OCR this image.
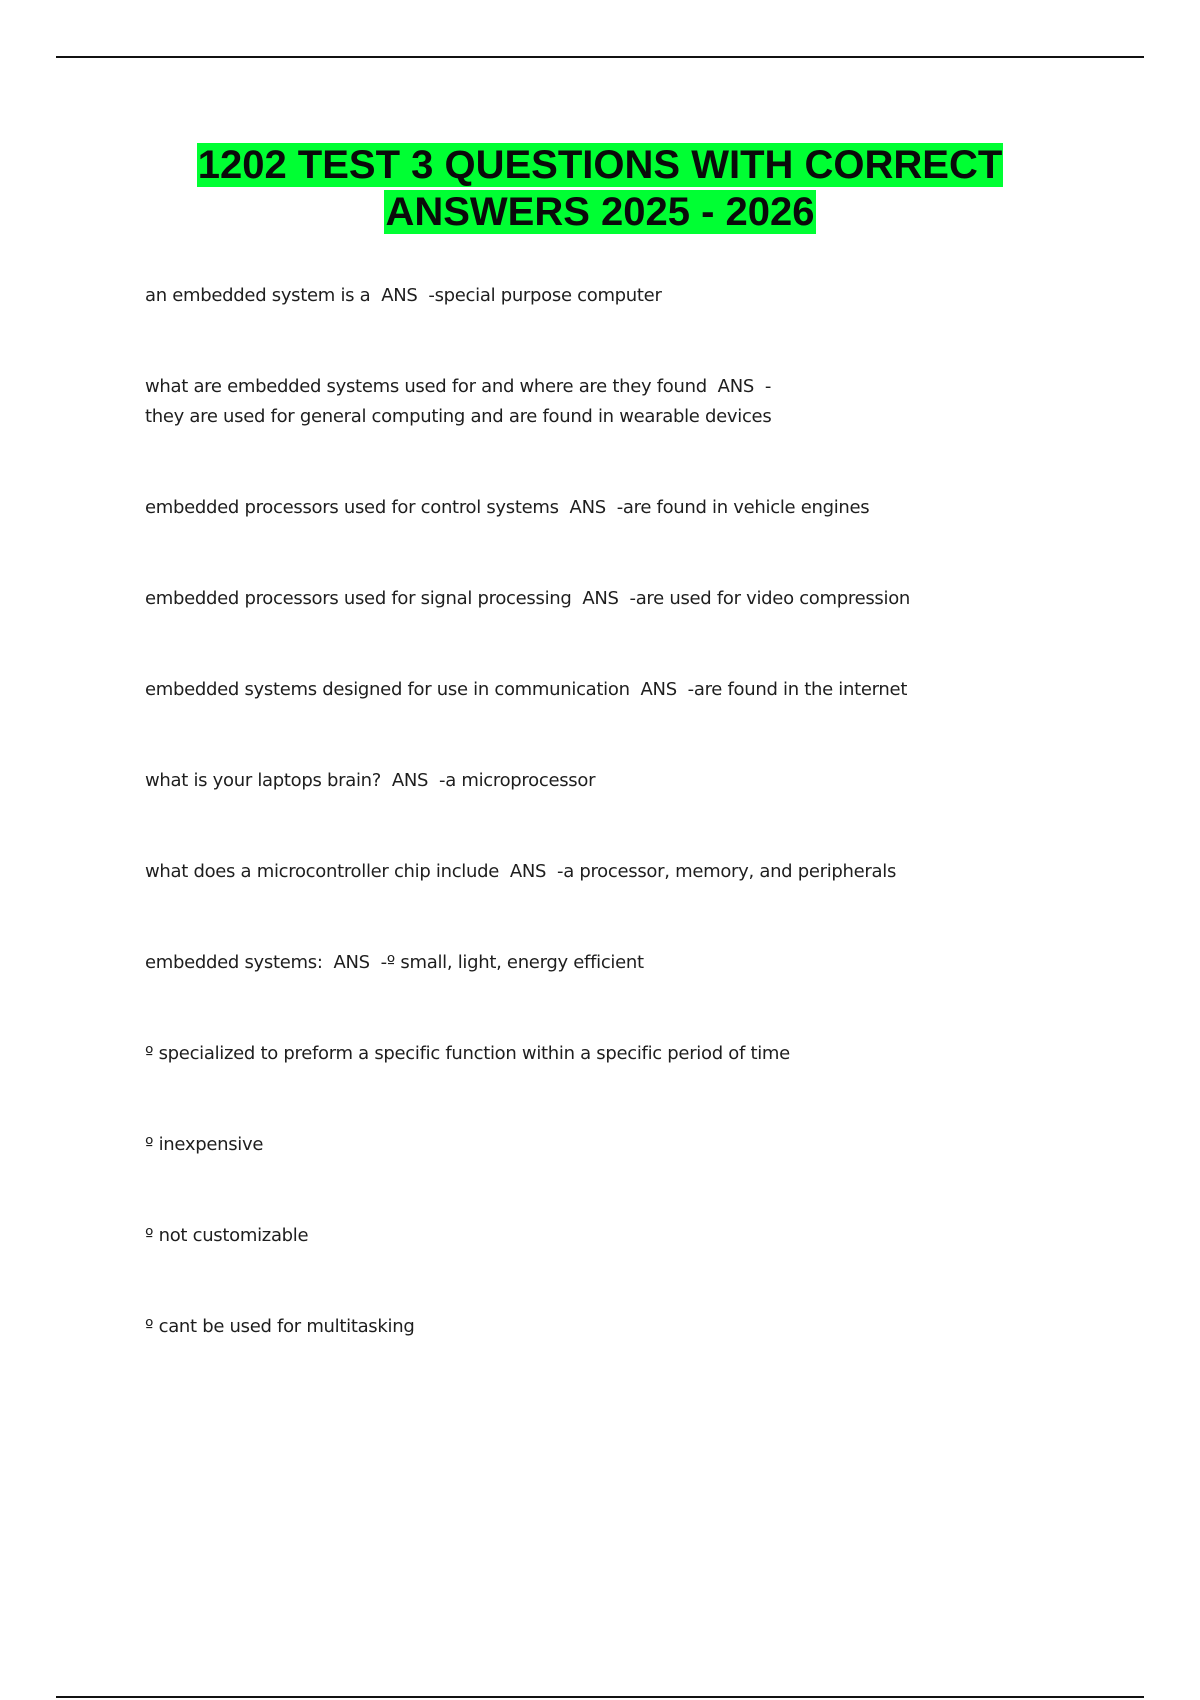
1202 TEST 3 QUESTIONS WITH CORRECT ANSWERS 2025 - 2026
an embedded system is a  ANS  -special purpose computer
what are embedded systems used for and where are they found  ANS  -
they are used for general computing and are found in wearable devices
embedded processors used for control systems  ANS  -are found in vehicle engines
embedded processors used for signal processing  ANS  -are used for video compression
embedded systems designed for use in communication  ANS  -are found in the internet
what is your laptops brain?  ANS  -a microprocessor
what does a microcontroller chip include  ANS  -a processor, memory, and peripherals
embedded systems:  ANS  -º small, light, energy efficient
º specialized to preform a specific function within a specific period of time
º inexpensive
º not customizable
º cant be used for multitasking
